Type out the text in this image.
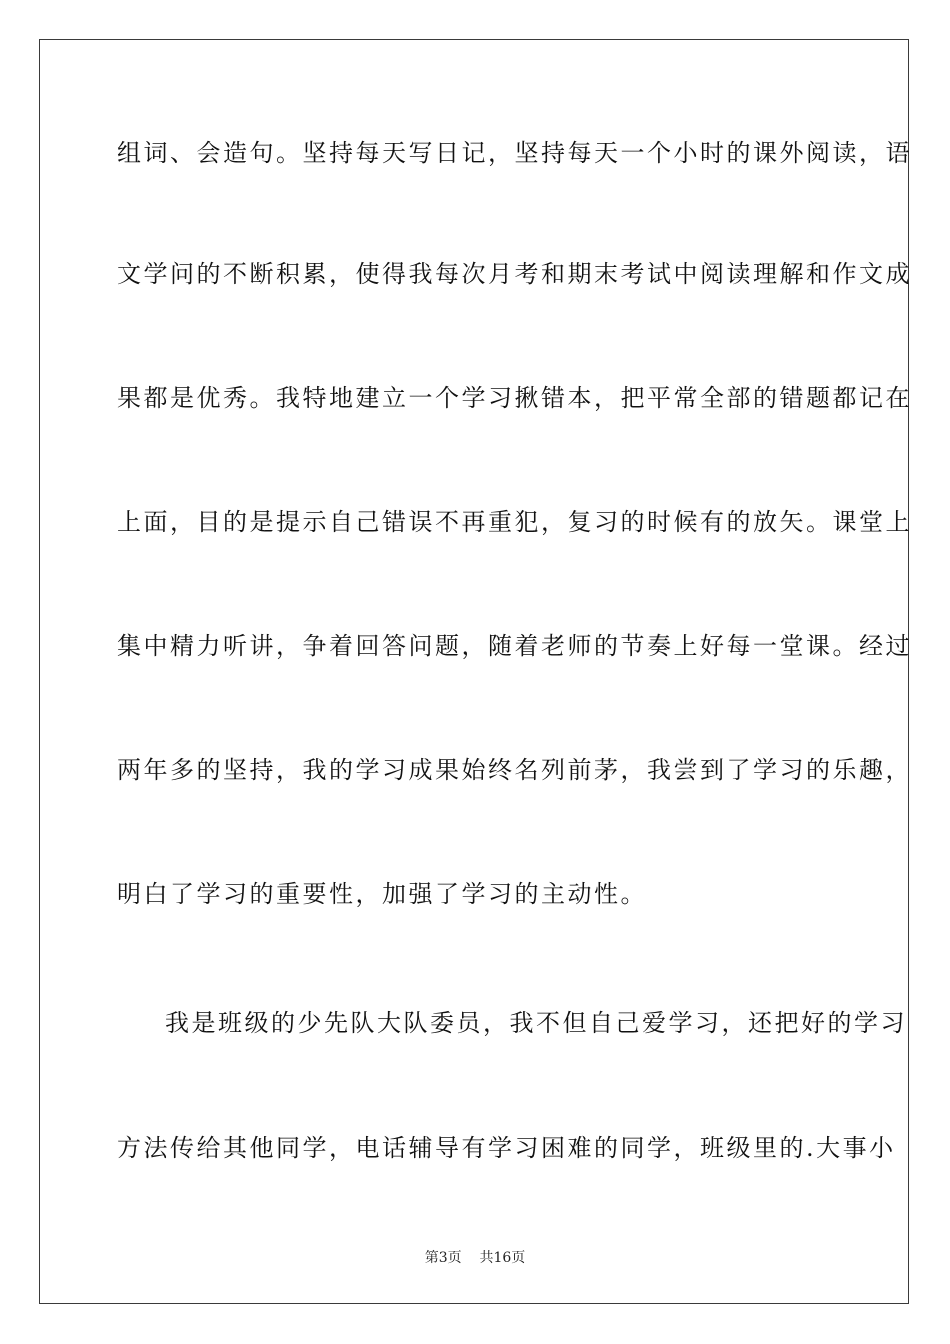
组词、会造句。坚持每天写日记，坚持每天一个小时的课外阅读，语
文学问的不断积累，使得我每次月考和期末考试中阅读理解和作文成
果都是优秀。我特地建立一个学习揪错本，把平常全部的错题都记在
上面，目的是提示自己错误不再重犯，复习的时候有的放矢。课堂上
集中精力听讲，争着回答问题，随着老师的节奏上好每一堂课。经过
两年多的坚持，我的学习成果始终名列前茅，我尝到了学习的乐趣，
明白了学习的重要性，加强了学习的主动性。
我是班级的少先队大队委员，我不但自己爱学习，还把好的学习
方法传给其他同学，电话辅导有学习困难的同学，班级里的.大事小
第3页 共16页
